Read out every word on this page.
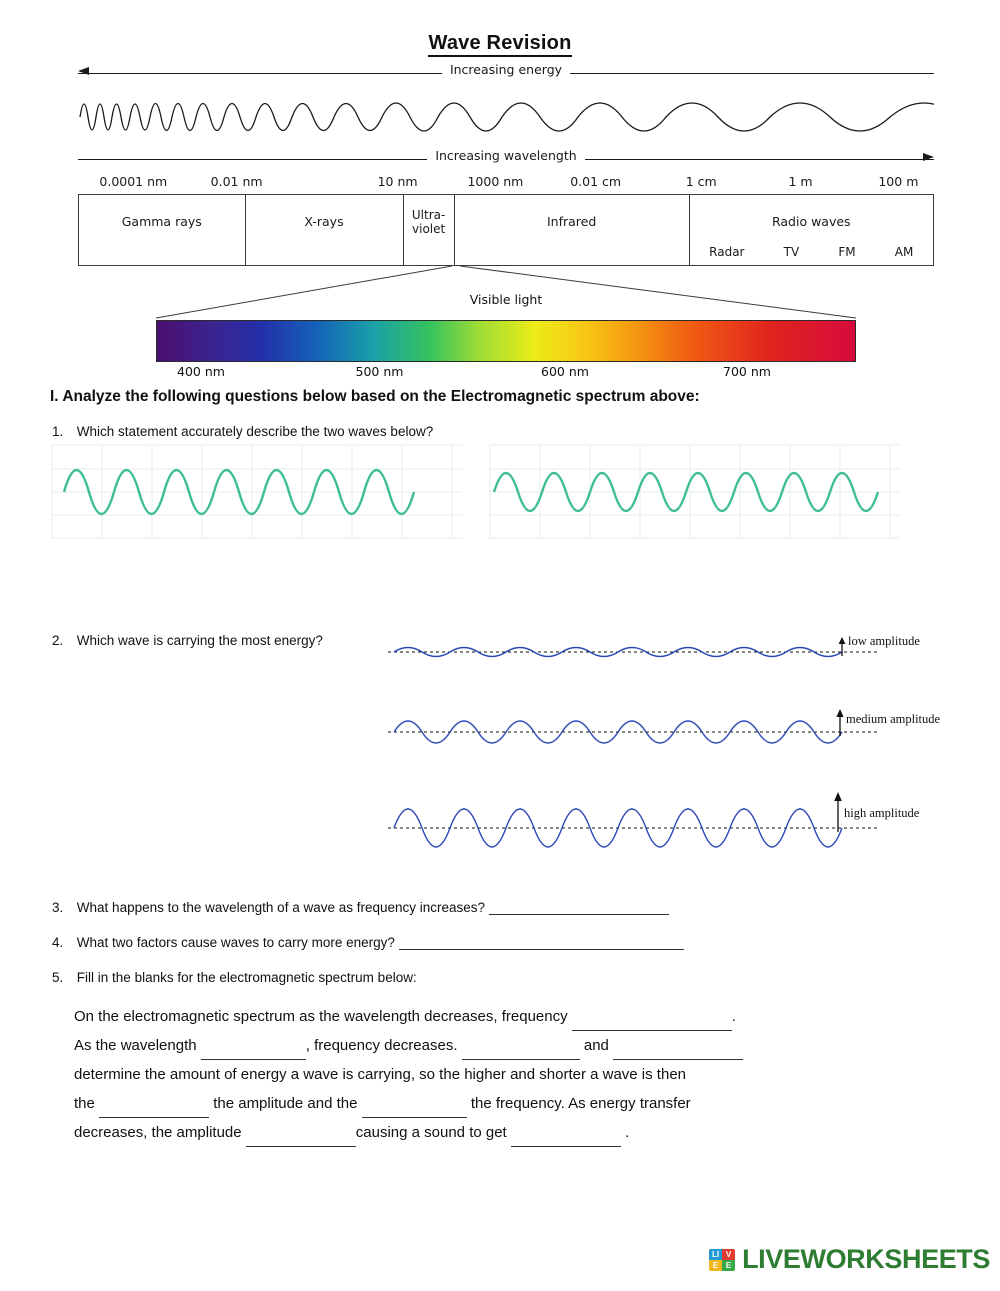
Wave Revision
Increasing energy
Increasing wavelength
0.0001 nm	0.01 nm	10 nm	1000 nm	0.01 cm	1 cm	1 m	100 m
Gamma rays	X-rays	Ultra-violet	Infrared	Radio waves
Radar	TV	FM	AM
Visible light
400 nm	500 nm	600 nm	700 nm
I. Analyze the following questions below based on the Electromagnetic spectrum above:
1. Which statement accurately describe the two waves below?
2. Which wave is carrying the most energy?	low amplitude
medium amplitude
high amplitude
3. What happens to the wavelength of a wave as frequency increases?
4. What two factors cause waves to carry more energy?
5. Fill in the blanks for the electromagnetic spectrum below:
On the electromagnetic spectrum as the wavelength decreases, frequency	.
As the wavelength	, frequency decreases.	and
determine the amount of energy a wave is carrying, so the higher and shorter a wave is then
the	the amplitude and the	the frequency. As energy transfer
decreases, the amplitude	causing a sound to get	.
LI V
E E LIVEWORKSHEETS
